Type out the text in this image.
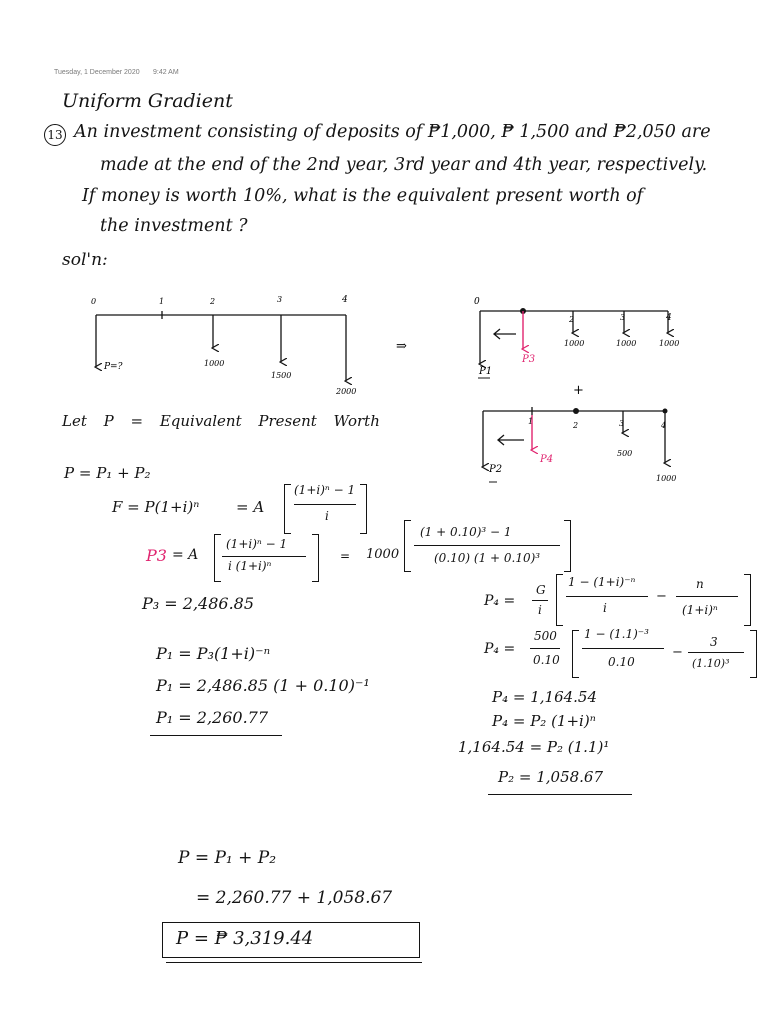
Tuesday, 1 December 2020 9:42 AM
Uniform Gradient
13 An investment consisting of deposits of ₱1,000, ₱ 1,500 and ₱2,050 are
made at the end of the 2nd year, 3rd year and 4th year, respectively.
If money is worth 10%, what is the equivalent present worth of
the investment ?
sol'n:
0	1	2	3	4
P=?	1000
1500
2000
⇒
0
2	3	4
1000	1000	1000
P1
P3
+
1	2	3	4
500
1000
P2
P4
Let P = Equivalent Present Worth
P = P₁ + P₂
F = P(1+i)ⁿ = A
(1+i)ⁿ − 1
i
P3 = A
(1+i)ⁿ − 1
i (1+i)ⁿ
= 1000
(1 + 0.10)³ − 1
(0.10) (1 + 0.10)³
P₃ = 2,486.85
P₁ = P₃(1+i)⁻ⁿ
P₁ = 2,486.85 (1 + 0.10)⁻¹
P₁ = 2,260.77
P₄ =
G
i
1 − (1+i)⁻ⁿ
i
−
n
(1+i)ⁿ
P₄ =
500
0.10
1 − (1.1)⁻³
0.10
−
3
(1.10)³
P₄ = 1,164.54
P₄ = P₂ (1+i)ⁿ
1,164.54 = P₂ (1.1)¹
P₂ = 1,058.67
P = P₁ + P₂
= 2,260.77 + 1,058.67
P = ₱ 3,319.44
